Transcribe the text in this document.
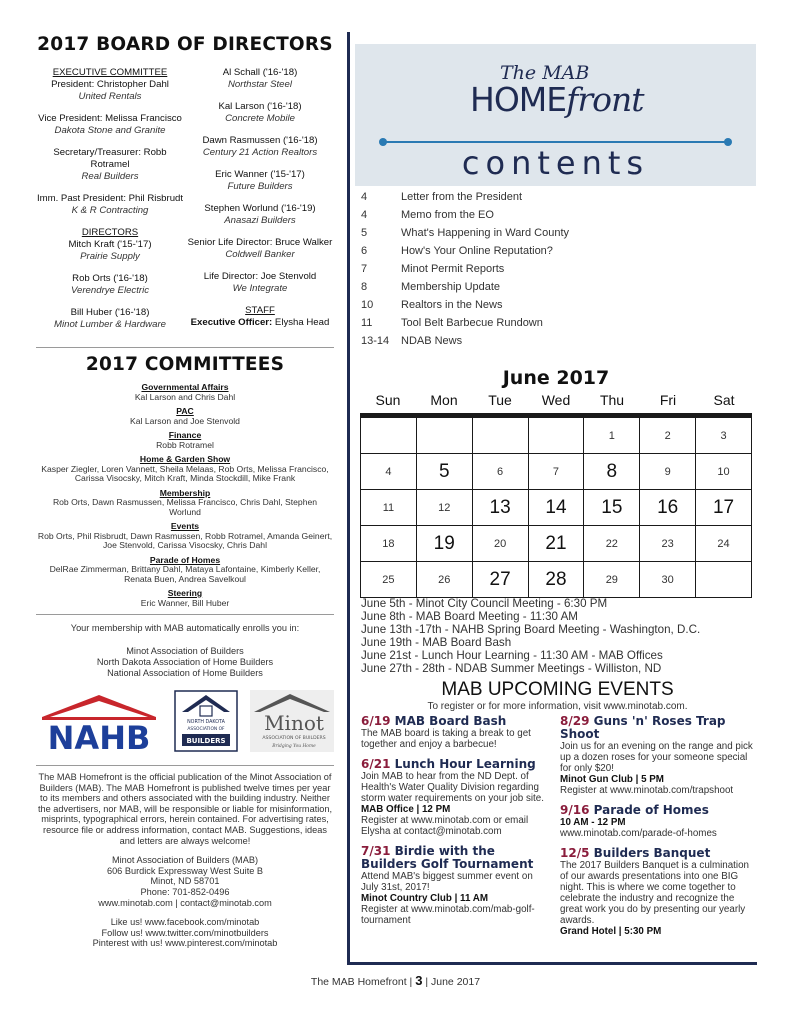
2017 BOARD OF DIRECTORS
EXECUTIVE COMMITTEE
President: Christopher Dahl
United Rentals
Vice President: Melissa Francisco
Dakota Stone and Granite
Secretary/Treasurer: Robb Rotramel
Real Builders
Imm. Past President: Phil Risbrudt
K & R Contracting
DIRECTORS
Mitch Kraft ('15-'17)
Prairie Supply
Rob Orts ('16-'18)
Verendrye Electric
Bill Huber ('16-'18)
Minot Lumber & Hardware
Al Schall ('16-'18)
Northstar Steel
Kal Larson ('16-'18)
Concrete Mobile
Dawn Rasmussen ('16-'18)
Century 21 Action Realtors
Eric Wanner ('15-'17)
Future Builders
Stephen Worlund ('16-'19)
Anasazi Builders
Senior Life Director: Bruce Walker
Coldwell Banker
Life Director: Joe Stenvold
We Integrate
STAFF
Executive Officer: Elysha Head
2017 COMMITTEES
Governmental Affairs
Kal Larson and Chris Dahl
PAC
Kal Larson and Joe Stenvold
Finance
Robb Rotramel
Home & Garden Show
Kasper Ziegler, Loren Vannett, Sheila Melaas, Rob Orts, Melissa Francisco, Carissa Visocsky, Mitch Kraft, Minda Stockdill, Mike Frank
Membership
Rob Orts, Dawn Rasmussen, Melissa Francisco, Chris Dahl, Stephen Worlund
Events
Rob Orts, Phil Risbrudt, Dawn Rasmussen, Robb Rotramel, Amanda Geinert, Joe Stenvold, Carissa Visocsky, Chris Dahl
Parade of Homes
DelRae Zimmerman, Brittany Dahl, Mataya Lafontaine, Kimberly Keller, Renata Buen, Andrea Savelkoul
Steering
Eric Wanner, Bill Huber
Your membership with MAB automatically enrolls you in:
Minot Association of Builders
North Dakota Association of Home Builders
National Association of Home Builders
NAHB	NORTH DAKOTA
ASSOCIATION OF
BUILDERS
Minot
ASSOCIATION OF BUILDERS
Bridging You Home

The MAB Homefront is the official publication of the Minot Association of Builders (MAB). The MAB Homefront is published twelve times per year to its members and others associated with the building industry. Neither the advertisers, nor MAB, will be responsible or liable for misinformation, misprints, typographical errors, herein contained. For advertising rates, resource file or address information, contact MAB. Suggestions, ideas and letters are always welcome!

Minot Association of Builders (MAB)
606 Burdick Expressway West Suite B
Minot, ND 58701
Phone: 701-852-0496
www.minotab.com | contact@minotab.com

Like us! www.facebook.com/minotab
Follow us! www.twitter.com/minotbuilders
Pinterest with us! www.pinterest.com/minotab

The MAB
HOMEfront
contents
4	Letter from the President
4	Memo from the EO
5	What's Happening in Ward County
6	How's Your Online Reputation?
7	Minot Permit Reports
8	Membership Update
10	Realtors in the News
11	Tool Belt Barbecue Rundown
13-14	NDAB News
June 2017
Sun	Mon	Tue	Wed	Thu	Fri	Sat
				1	2	3
4	5	6	7	8	9	10
11	12	13	14	15	16	17
18	19	20	21	22	23	24
25	26	27	28	29	30	
June 5th - Minot City Council Meeting - 6:30 PM
June 8th - MAB Board Meeting - 11:30 AM
June 13th -17th - NAHB Spring Board Meeting - Washington, D.C.
June 19th - MAB Board Bash
June 21st - Lunch Hour Learning - 11:30 AM - MAB Offices
June 27th - 28th - NDAB Summer Meetings - Williston, ND
MAB UPCOMING EVENTS
To register or for more information, visit www.minotab.com.
6/19 MAB Board Bash
The MAB board is taking a break to get together and enjoy a barbecue!
6/21 Lunch Hour Learning
Join MAB to hear from the ND Dept. of Health's Water Quality Division regarding storm water requirements on your job site.
MAB Office | 12 PM
Register at www.minotab.com or email Elysha at contact@minotab.com
7/31 Birdie with the Builders Golf Tournament
Attend MAB's biggest summer event on July 31st, 2017!
Minot Country Club | 11 AM
Register at www.minotab.com/mab-golf-tournament
8/29 Guns 'n' Roses Trap Shoot
Join us for an evening on the range and pick up a dozen roses for your someone special for only $20!
Minot Gun Club | 5 PM
Register at www.minotab.com/trapshoot
9/16 Parade of Homes
10 AM - 12 PM
www.minotab.com/parade-of-homes
12/5 Builders Banquet
The 2017 Builders Banquet is a culmination of our awards presentations into one BIG night. This is where we come together to celebrate the industry and recognize the great work you do by presenting our yearly awards.
Grand Hotel | 5:30 PM
The MAB Homefront | 3 | June 2017
